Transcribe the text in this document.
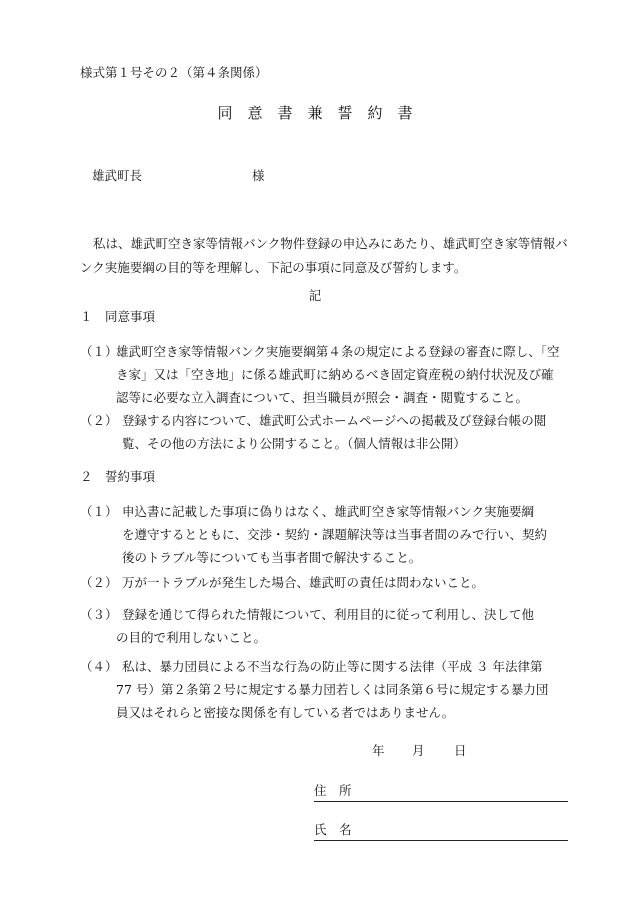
様式第１号その２（第４条関係）
同　意　書　兼　誓　約　書
雄武町長	様
私は、雄武町空き家等情報バンク物件登録の申込みにあたり、雄武町空き家等情報バンク実施要綱の目的等を理解し、下記の事項に同意及び誓約します。
記
１　同意事項
（１）
雄武町空き家等情報バンク実施要綱第４条の規定による登録の審査に際し、「空
き家」又は「空き地」に係る雄武町に納めるべき固定資産税の納付状況及び確
認等に必要な立入調査について、担当職員が照会・調査・閲覧すること。
（２） 登録する内容について、雄武町公式ホームページへの掲載及び登録台帳の閲
覧、その他の方法により公開すること。（個人情報は非公開）
２　誓約事項
（１） 申込書に記載した事項に偽りはなく、雄武町空き家等情報バンク実施要綱
を遵守するとともに、交渉・契約・課題解決等は当事者間のみで行い、契約
後のトラブル等についても当事者間で解決すること。
（２） 万が一トラブルが発生した場合、雄武町の責任は問わないこと。
（３） 登録を通じて得られた情報について、利用目的に従って利用し、決して他
の目的で利用しないこと。
（４） 私は、暴力団員による不当な行為の防止等に関する法律（平成 ３ 年法律第
77 号）第２条第２号に規定する暴力団若しくは同条第６号に規定する暴力団
員又はそれらと密接な関係を有している者ではありません。
年 月 日
住　所
氏　名
